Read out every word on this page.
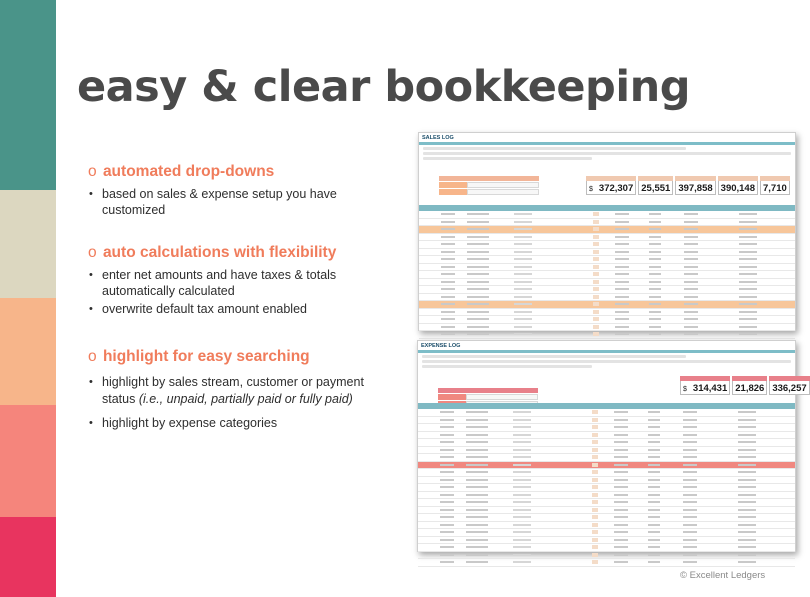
easy & clear bookkeeping
o automated drop-downs
• based on sales & expense setup you have customized
o auto calculations with flexibility
• enter net amounts and have taxes & totals automatically calculated
• overwrite default tax amount enabled
o highlight for easy searching
• highlight by sales stream, customer or payment status (i.e., unpaid, partially paid or fully paid)
• highlight by expense categories
SALES LOG
$ 372,307 25,551 397,858 390,148 7,710
EXPENSE LOG
$ 314,431 21,826 336,257

© Excellent Ledgers
